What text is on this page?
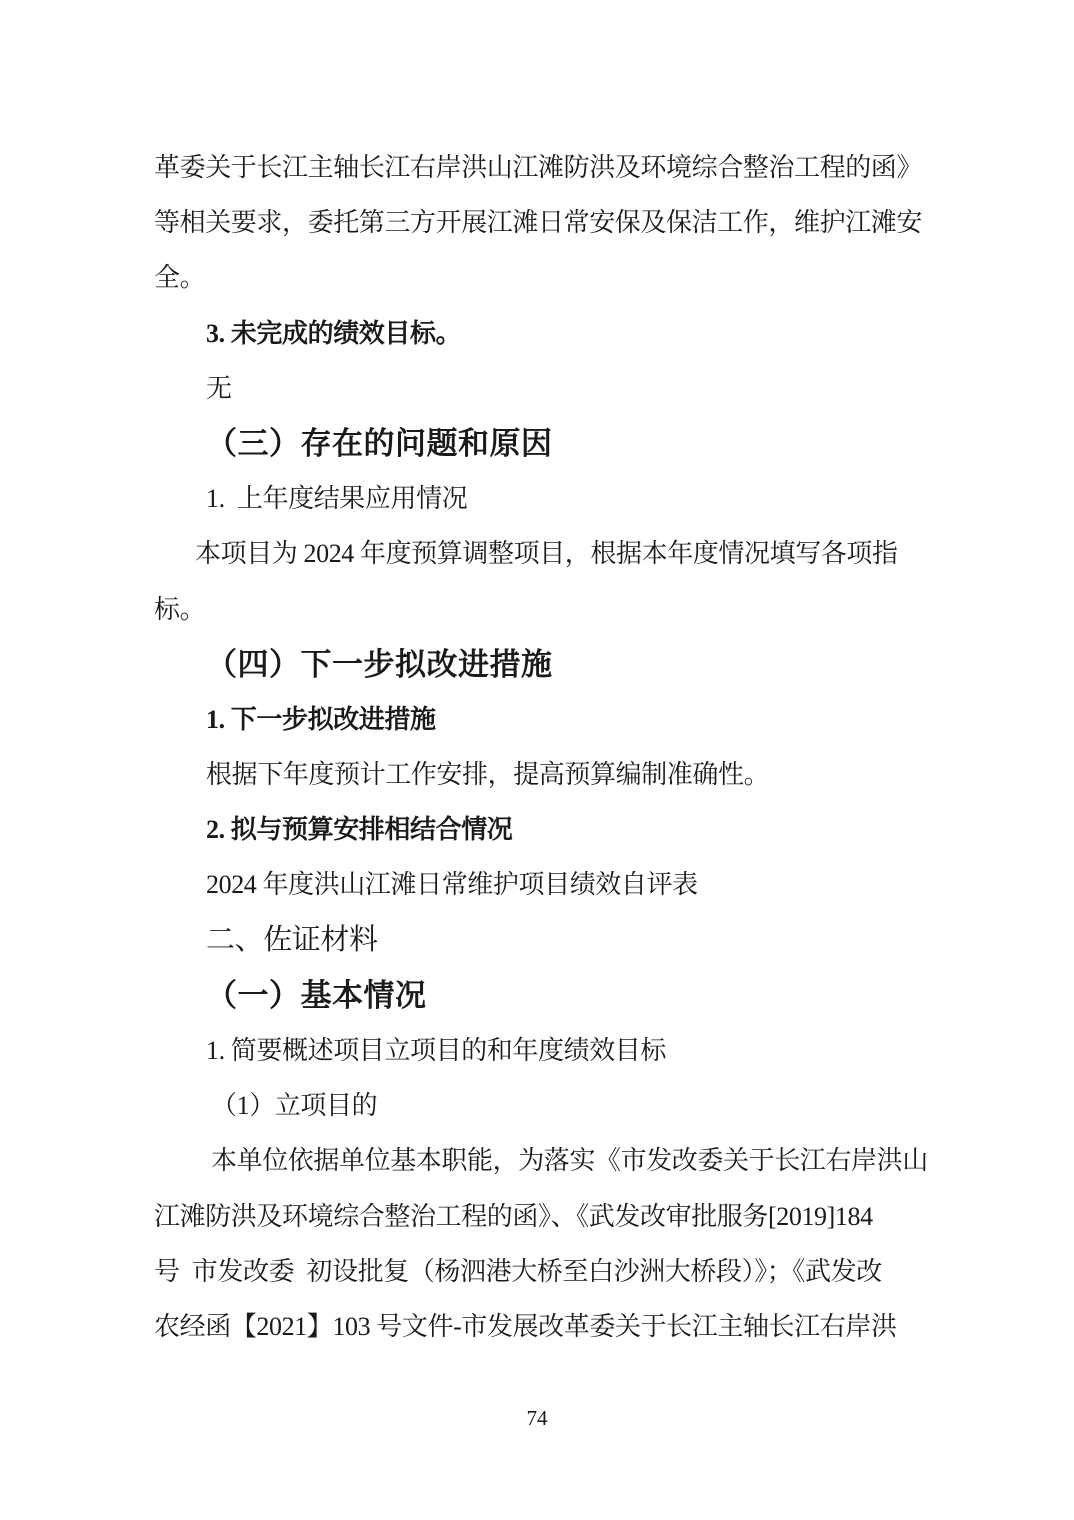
革委关于长江主轴长江右岸洪山江滩防洪及环境综合整治工程的函》
等相关要求，委托第三方开展江滩日常安保及保洁工作，维护江滩安
全。
3. 未完成的绩效目标。
无
（三）存在的问题和原因
1.  上年度结果应用情况
本项目为 2024 年度预算调整项目，根据本年度情况填写各项指
标。
（四）下一步拟改进措施
1. 下一步拟改进措施
根据下年度预计工作安排，提高预算编制准确性。
2. 拟与预算安排相结合情况
2024 年度洪山江滩日常维护项目绩效自评表
二、佐证材料
（一）基本情况
1. 简要概述项目立项目的和年度绩效目标
（1）立项目的
本单位依据单位基本职能，为落实《市发改委关于长江右岸洪山
江滩防洪及环境综合整治工程的函》、《武发改审批服务[2019]184
号  市发改委  初设批复（杨泗港大桥至白沙洲大桥段）》；《武发改
农经函【2021】103 号文件-市发展改革委关于长江主轴长江右岸洪
74
